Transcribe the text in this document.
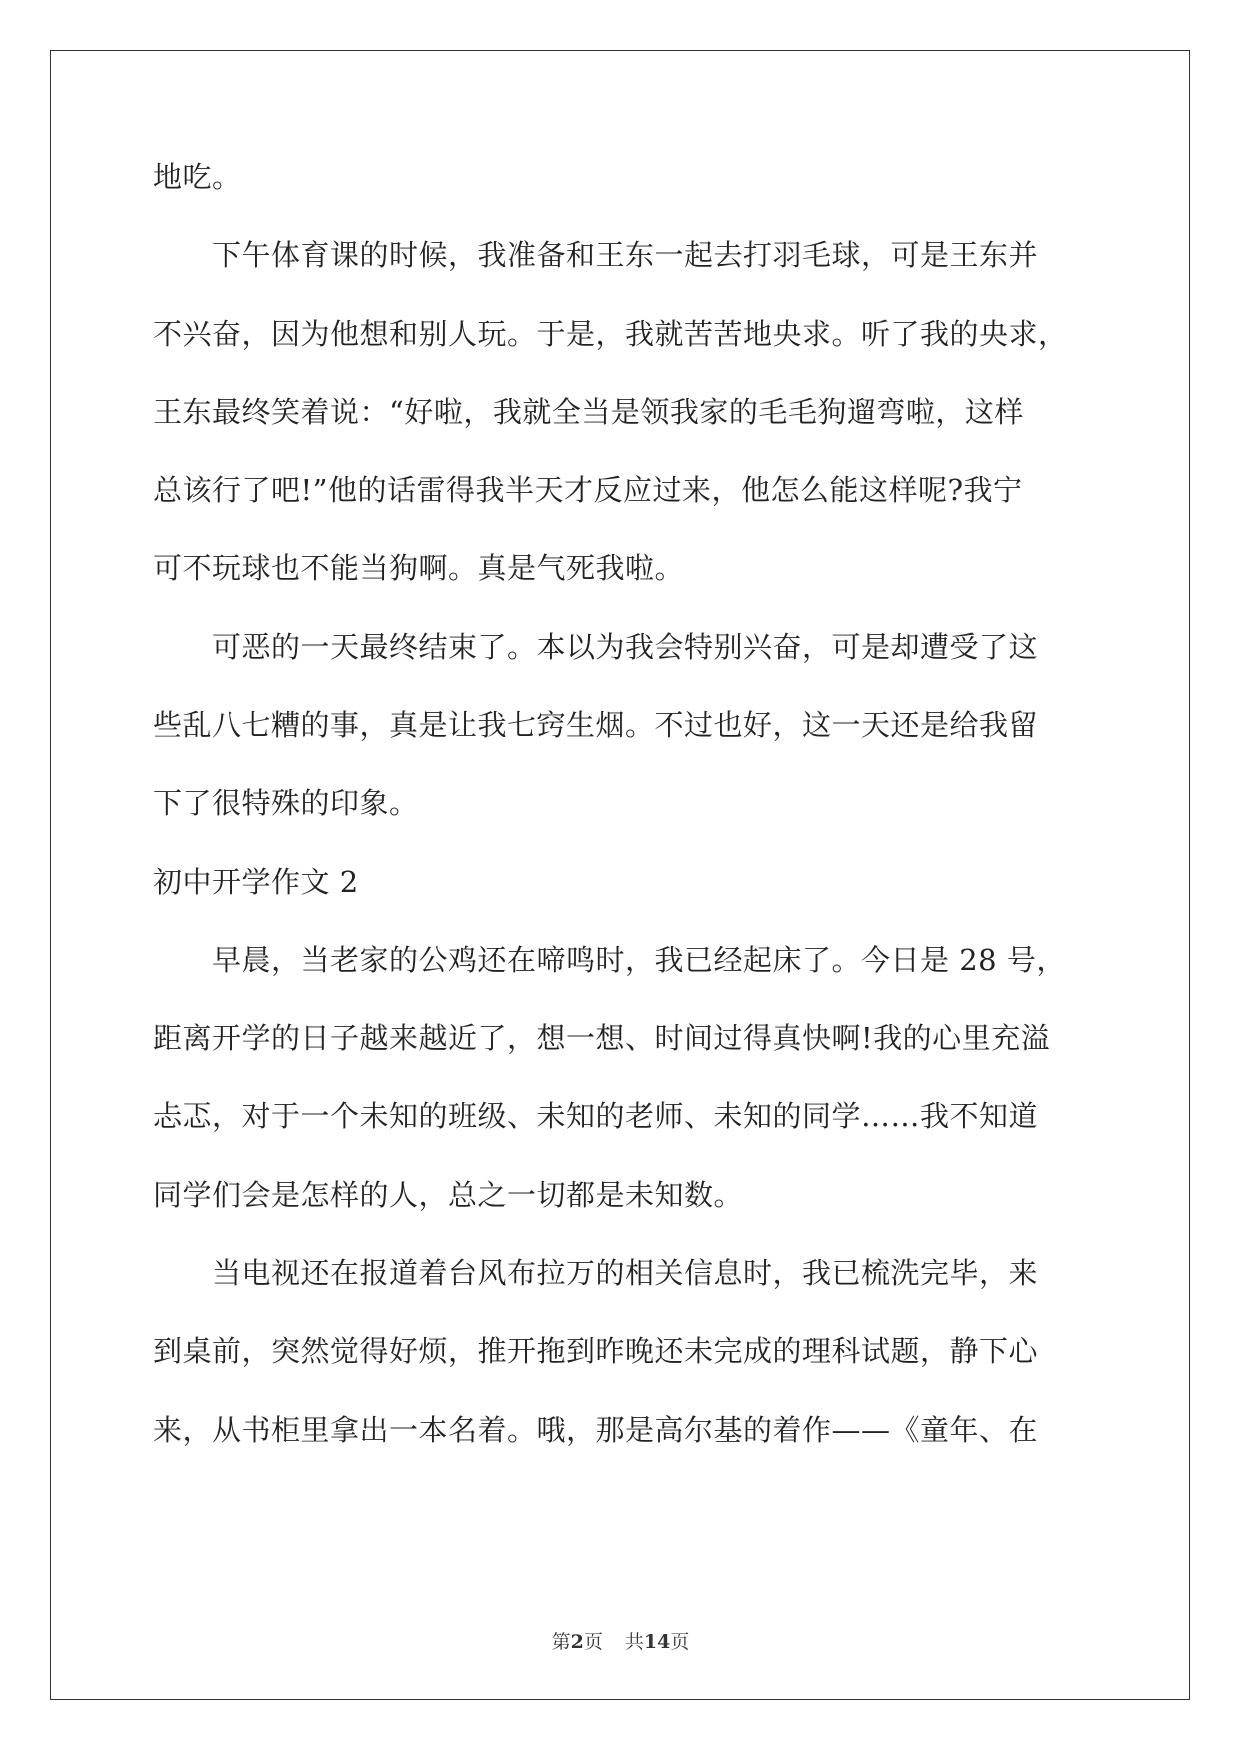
地吃。
　　下午体育课的时候，我准备和王东一起去打羽毛球，可是王东并
不兴奋，因为他想和别人玩。于是，我就苦苦地央求。听了我的央求，
王东最终笑着说：“好啦，我就全当是领我家的毛毛狗遛弯啦，这样
总该行了吧!”他的话雷得我半天才反应过来，他怎么能这样呢?我宁
可不玩球也不能当狗啊。真是气死我啦。
　　可恶的一天最终结束了。本以为我会特别兴奋，可是却遭受了这
些乱八七糟的事，真是让我七窍生烟。不过也好，这一天还是给我留
下了很特殊的印象。
初中开学作文 2
　　早晨，当老家的公鸡还在啼鸣时，我已经起床了。今日是 28 号，
距离开学的日子越来越近了，想一想、时间过得真快啊!我的心里充溢
忐忑，对于一个未知的班级、未知的老师、未知的同学……我不知道
同学们会是怎样的人，总之一切都是未知数。
　　当电视还在报道着台风布拉万的相关信息时，我已梳洗完毕，来
到桌前，突然觉得好烦，推开拖到昨晚还未完成的理科试题，静下心
来，从书柜里拿出一本名着。哦，那是高尔基的着作——《童年、在
第2页 共14页
